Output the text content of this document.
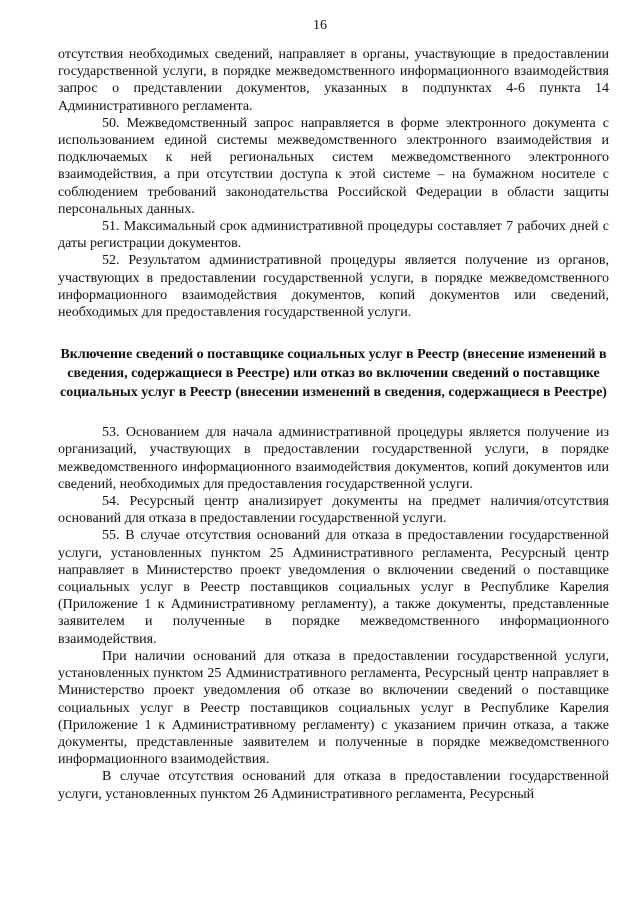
16

отсутствия необходимых сведений, направляет в органы, участвующие в предоставлении государственной услуги, в порядке межведомственного информационного взаимодействия запрос о представлении документов, указанных в подпунктах 4-6 пункта 14 Административного регламента.

50. Межведомственный запрос направляется в форме электронного документа с использованием единой системы межведомственного электронного взаимодействия и подключаемых к ней региональных систем межведомственного электронного взаимодействия, а при отсутствии доступа к этой системе – на бумажном носителе с соблюдением требований законодательства Российской Федерации в области защиты персональных данных.

51. Максимальный срок административной процедуры составляет 7 рабочих дней с даты регистрации документов.

52. Результатом административной процедуры является получение из органов, участвующих в предоставлении государственной услуги, в порядке межведомственного информационного взаимодействия документов, копий документов или сведений, необходимых для предоставления государственной услуги.

Включение сведений о поставщике социальных услуг в Реестр (внесение изменений в сведения, содержащиеся в Реестре) или отказ во включении сведений о поставщике социальных услуг в Реестр (внесении изменений в сведения, содержащиеся в Реестре)

53. Основанием для начала административной процедуры является получение из организаций, участвующих в предоставлении государственной услуги, в порядке межведомственного информационного взаимодействия документов, копий документов или сведений, необходимых для предоставления государственной услуги.

54. Ресурсный центр анализирует документы на предмет наличия/отсутствия оснований для отказа в предоставлении государственной услуги.

55. В случае отсутствия оснований для отказа в предоставлении государственной услуги, установленных пунктом 25 Административного регламента, Ресурсный центр направляет в Министерство проект уведомления о включении сведений о поставщике социальных услуг в Реестр поставщиков социальных услуг в Республике Карелия (Приложение 1 к Административному регламенту), а также документы, представленные заявителем и полученные в порядке межведомственного информационного взаимодействия.

При наличии оснований для отказа в предоставлении государственной услуги, установленных пунктом 25 Административного регламента, Ресурсный центр направляет в Министерство проект уведомления об отказе во включении сведений о поставщике социальных услуг в Реестр поставщиков социальных услуг в Республике Карелия (Приложение 1 к Административному регламенту) с указанием причин отказа, а также документы, представленные заявителем и полученные в порядке межведомственного информационного взаимодействия.

В случае отсутствия оснований для отказа в предоставлении государственной услуги, установленных пунктом 26 Административного регламента, Ресурсный
